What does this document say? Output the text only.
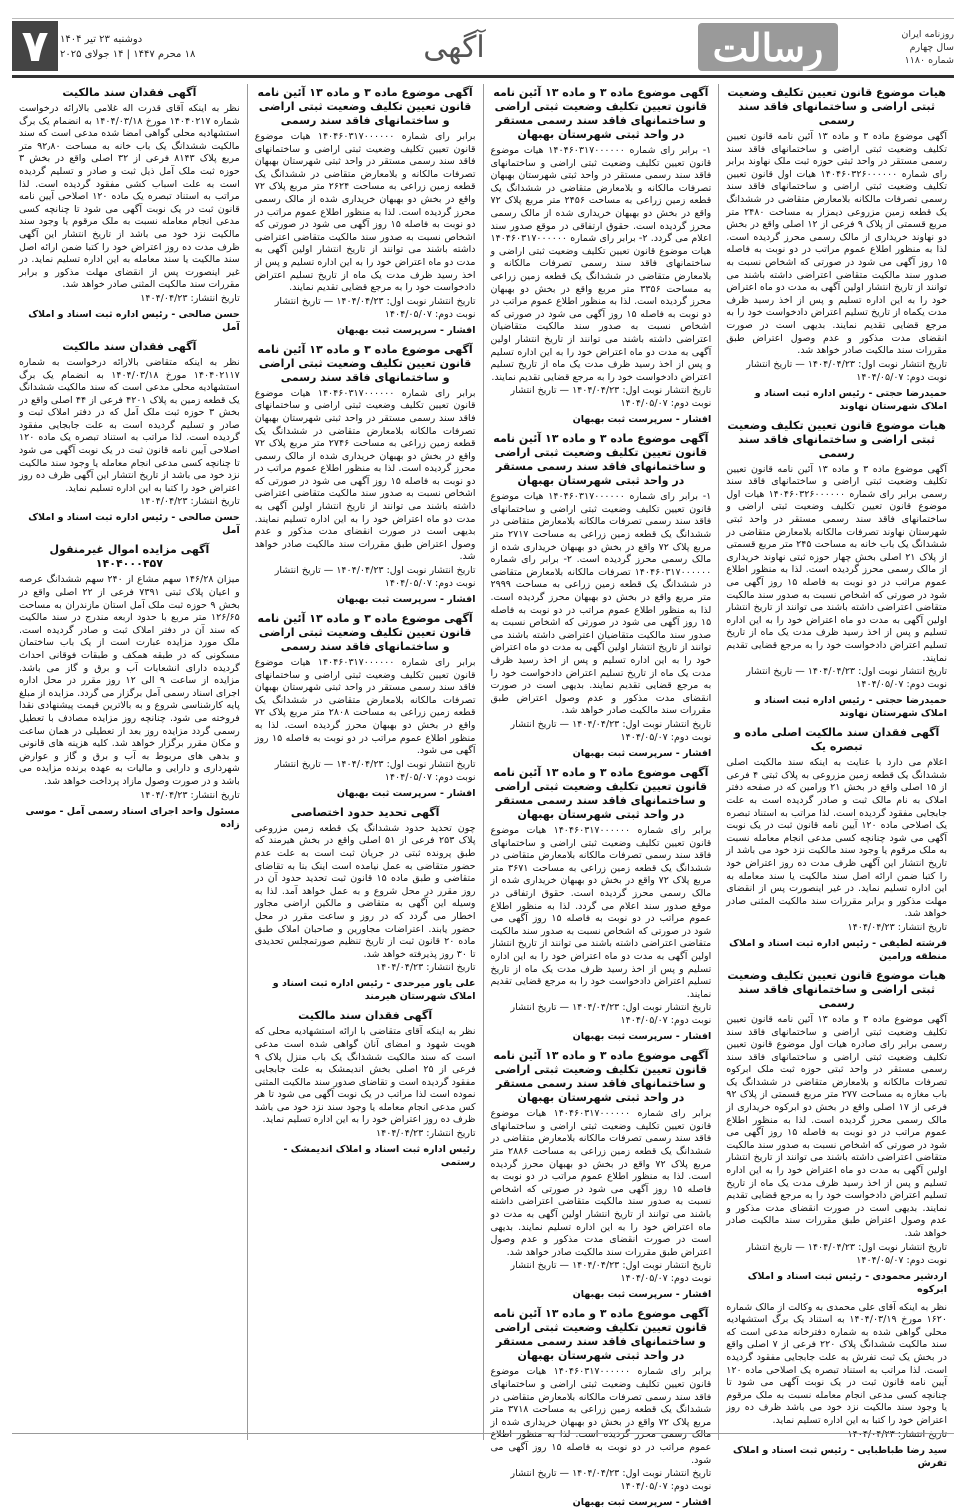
روزنامه ایران
سال چهارم
شماره ۱۱۸۰
رسالت
آگهی
دوشنبه ۲۳ تیر ۱۴۰۴
۱۸ محرم ۱۴۴۷ | ۱۴ جولای ۲۰۲۵
۷
هیات موضوع قانون تعیین تکلیف وضعیت ثبتی اراضی و ساختمانهای فاقد سند رسمی

آگهی موضوع ماده ۳ و ماده ۱۳ آئین نامه قانون تعیین تکلیف وضعیت ثبتی اراضی و ساختمانهای فاقد سند رسمی مستقر در واحد ثبتی حوزه ثبت ملک نهاوند برابر رای شماره ۱۴۰۴۶۰۳۲۶۰۰۰۰۰۰ هیات اول قانون تعیین تکلیف وضعیت ثبتی اراضی و ساختمانهای فاقد سند رسمی تصرفات مالکانه بلامعارض متقاضی در ششدانگ یک قطعه زمین مزروعی دیمزار به مساحت ۲۴۸۰ متر مربع قسمتی از پلاک ۹ فرعی از ۱۲ اصلی واقع در بخش دو نهاوند خریداری از مالک رسمی محرز گردیده است. لذا به منظور اطلاع عموم مراتب در دو نوبت به فاصله ۱۵ روز آگهی می شود در صورتی که اشخاص نسبت به صدور سند مالکیت متقاضی اعتراضی داشته باشند می توانند از تاریخ انتشار اولین آگهی به مدت دو ماه اعتراض خود را به این اداره تسلیم و پس از اخذ رسید ظرف مدت یکماه از تاریخ تسلیم اعتراض دادخواست خود را به مرجع قضایی تقدیم نمایند. بدیهی است در صورت انقضای مدت مذکور و عدم وصول اعتراض طبق مقررات سند مالکیت صادر خواهد شد.

تاریخ انتشار نوبت اول: ۱۴۰۴/۰۴/۲۳ — تاریخ انتشار نوبت دوم: ۱۴۰۴/۰۵/۰۷
حمیدرضا حجتی - رئیس اداره ثبت اسناد و املاک شهرستان نهاوند
هیات موضوع قانون تعیین تکلیف وضعیت ثبتی اراضی و ساختمانهای فاقد سند رسمی

آگهی موضوع ماده ۳ و ماده ۱۳ آئین نامه قانون تعیین تکلیف وضعیت ثبتی اراضی و ساختمانهای فاقد سند رسمی برابر رای شماره ۱۴۰۴۶۰۳۲۶۰۰۰۰۰۰ هیات اول موضوع قانون تعیین تکلیف وضعیت ثبتی اراضی و ساختمانهای فاقد سند رسمی مستقر در واحد ثبتی شهرستان نهاوند تصرفات مالکانه بلامعارض متقاضی در ششدانگ یک باب خانه به مساحت ۲۴۵ متر مربع قسمتی از پلاک ۲۱ اصلی بخش چهار حوزه ثبتی نهاوند خریداری از مالک رسمی محرز گردیده است. لذا به منظور اطلاع عموم مراتب در دو نوبت به فاصله ۱۵ روز آگهی می شود در صورتی که اشخاص نسبت به صدور سند مالکیت متقاضی اعتراضی داشته باشند می توانند از تاریخ انتشار اولین آگهی به مدت دو ماه اعتراض خود را به این اداره تسلیم و پس از اخذ رسید ظرف مدت یک ماه از تاریخ تسلیم اعتراض دادخواست خود را به مرجع قضایی تقدیم نمایند.

تاریخ انتشار نوبت اول: ۱۴۰۴/۰۴/۲۳ — تاریخ انتشار نوبت دوم: ۱۴۰۴/۰۵/۰۷
حمیدرضا حجتی - رئیس اداره ثبت اسناد و املاک شهرستان نهاوند
آگهی فقدان سند مالکیت اصلی ماده و تبصره یک

اعلام می دارد با عنایت به اینکه سند مالکیت اصلی ششدانگ یک قطعه زمین مزروعی به پلاک ثبتی ۴ فرعی از ۱۵ اصلی واقع در بخش ۲۱ ورامین که در صفحه دفتر املاک به نام مالک ثبت و صادر گردیده است به علت جابجایی مفقود گردیده است. لذا مراتب به استناد تبصره یک اصلاحی ماده ۱۲۰ آیین نامه قانون ثبت در یک نوبت آگهی می شود چنانچه کسی مدعی انجام معامله نسبت به ملک مرقوم یا وجود سند مالکیت نزد خود می باشد از تاریخ انتشار این آگهی ظرف مدت ده روز اعتراض خود را کتبا ضمن ارائه اصل سند مالکیت یا سند معامله به این اداره تسلیم نماید. در غیر اینصورت پس از انقضای مهلت مذکور و برابر مقررات سند مالکیت المثنی صادر خواهد شد.

تاریخ انتشار: ۱۴۰۴/۰۴/۲۳
فرشته لطیفی - رئیس اداره ثبت اسناد و املاک منطقه ورامین
هیات موضوع قانون تعیین تکلیف وضعیت ثبتی اراضی و ساختمانهای فاقد سند رسمی

آگهی موضوع ماده ۳ و ماده ۱۳ آئین نامه قانون تعیین تکلیف وضعیت ثبتی اراضی و ساختمانهای فاقد سند رسمی برابر رای صادره هیات اول موضوع قانون تعیین تکلیف وضعیت ثبتی اراضی و ساختمانهای فاقد سند رسمی مستقر در واحد ثبتی حوزه ثبت ملک ابرکوه تصرفات مالکانه و بلامعارض متقاضی در ششدانگ یک باب مغازه به مساحت ۲۷۷ متر مربع قسمتی از پلاک ۹۲ فرعی از ۱۷ اصلی واقع در بخش دو ابرکوه خریداری از مالک رسمی محرز گردیده است. لذا به منظور اطلاع عموم مراتب در دو نوبت به فاصله ۱۵ روز آگهی می شود در صورتی که اشخاص نسبت به صدور سند مالکیت متقاضی اعتراضی داشته باشند می توانند از تاریخ انتشار اولین آگهی به مدت دو ماه اعتراض خود را به این اداره تسلیم و پس از اخذ رسید ظرف مدت یک ماه از تاریخ تسلیم اعتراض دادخواست خود را به مرجع قضایی تقدیم نمایند. بدیهی است در صورت انقضای مدت مذکور و عدم وصول اعتراض طبق مقررات سند مالکیت صادر خواهد شد.

تاریخ انتشار نوبت اول: ۱۴۰۴/۰۴/۲۳ — تاریخ انتشار نوبت دوم: ۱۴۰۴/۰۵/۰۷
اردشیر محمودی - رئیس ثبت اسناد و املاک ابرکوه

نظر به اینکه آقای علی محمدی به وکالت از مالک شماره ۱۶۲۰ مورخ ۱۴۰۴/۰۳/۱۹ به استناد یک برگ استشهادیه محلی گواهی شده به شماره دفترخانه مدعی است که سند مالکیت ششدانگ پلاک ۲۲۰ فرعی از ۷ اصلی واقع در بخش یک ثبت تفرش به علت جابجایی مفقود گردیده است. لذا مراتب به استناد تبصره یک اصلاحی ماده ۱۲۰ آیین نامه قانون ثبت در یک نوبت آگهی می شود تا چنانچه کسی مدعی انجام معامله نسبت به ملک مرقوم یا وجود سند مالکیت نزد خود می باشد ظرف ده روز اعتراض خود را کتبا به این اداره تسلیم نماید.

تاریخ انتشار: ۱۴۰۴/۰۴/۲۳
سید رضا طباطبایی - رئیس ثبت اسناد و املاک تفرش
آگهی موضوع ماده ۳ و ماده ۱۳ آئین نامه قانون تعیین تکلیف وضعیت ثبتی اراضی و ساختمانهای فاقد سند رسمی مستقر در واحد ثبتی شهرستان بهبهان

۱- برابر رای شماره ۱۴۰۴۶۰۳۱۷۰۰۰۰۰۰ هیات موضوع قانون تعیین تکلیف وضعیت ثبتی اراضی و ساختمانهای فاقد سند رسمی مستقر در واحد ثبتی شهرستان بهبهان تصرفات مالکانه و بلامعارض متقاضی در ششدانگ یک قطعه زمین زراعی به مساحت ۲۴۵۶ متر مربع پلاک ۷۲ واقع در بخش دو بهبهان خریداری شده از مالک رسمی محرز گردیده است. حقوق ارتفاقی در موقع صدور سند اعلام می گردد. ۲- برابر رای شماره ۱۴۰۴۶۰۳۱۷۰۰۰۰۰۰ هیات موضوع قانون تعیین تکلیف وضعیت ثبتی اراضی و ساختمانهای فاقد سند رسمی تصرفات مالکانه و بلامعارض متقاضی در ششدانگ یک قطعه زمین زراعی به مساحت ۳۳۵۶ متر مربع واقع در بخش دو بهبهان محرز گردیده است. لذا به منظور اطلاع عموم مراتب در دو نوبت به فاصله ۱۵ روز آگهی می شود در صورتی که اشخاص نسبت به صدور سند مالکیت متقاضیان اعتراضی داشته باشند می توانند از تاریخ انتشار اولین آگهی به مدت دو ماه اعتراض خود را به این اداره تسلیم و پس از اخذ رسید ظرف مدت یک ماه از تاریخ تسلیم اعتراض دادخواست خود را به مرجع قضایی تقدیم نمایند.

تاریخ انتشار نوبت اول: ۱۴۰۴/۰۴/۲۳ — تاریخ انتشار نوبت دوم: ۱۴۰۴/۰۵/۰۷
افشار - سرپرست ثبت بهبهان
آگهی موضوع ماده ۳ و ماده ۱۳ آئین نامه قانون تعیین تکلیف وضعیت ثبتی اراضی و ساختمانهای فاقد سند رسمی مستقر در واحد ثبتی شهرستان بهبهان

۱- برابر رای شماره ۱۴۰۴۶۰۳۱۷۰۰۰۰۰۰ هیات موضوع قانون تعیین تکلیف وضعیت ثبتی اراضی و ساختمانهای فاقد سند رسمی تصرفات مالکانه بلامعارض متقاضی در ششدانگ یک قطعه زمین زراعی به مساحت ۲۷۱۷ متر مربع پلاک ۷۲ واقع در بخش دو بهبهان خریداری شده از مالک رسمی محرز گردیده است. ۲- برابر رای شماره ۱۴۰۴۶۰۳۱۷۰۰۰۰۰۰ تصرفات مالکانه بلامعارض متقاضی در ششدانگ یک قطعه زمین زراعی به مساحت ۲۹۹۹ متر مربع واقع در بخش دو بهبهان محرز گردیده است. لذا به منظور اطلاع عموم مراتب در دو نوبت به فاصله ۱۵ روز آگهی می شود در صورتی که اشخاص نسبت به صدور سند مالکیت متقاضیان اعتراضی داشته باشند می توانند از تاریخ انتشار اولین آگهی به مدت دو ماه اعتراض خود را به این اداره تسلیم و پس از اخذ رسید ظرف مدت یک ماه از تاریخ تسلیم اعتراض دادخواست خود را به مرجع قضایی تقدیم نمایند. بدیهی است در صورت انقضای مدت مذکور و عدم وصول اعتراض طبق مقررات سند مالکیت صادر خواهد شد.

تاریخ انتشار نوبت اول: ۱۴۰۴/۰۴/۲۳ — تاریخ انتشار نوبت دوم: ۱۴۰۴/۰۵/۰۷
افشار - سرپرست ثبت بهبهان
آگهی موضوع ماده ۳ و ماده ۱۳ آئین نامه قانون تعیین تکلیف وضعیت ثبتی اراضی و ساختمانهای فاقد سند رسمی مستقر در واحد ثبتی شهرستان بهبهان

برابر رای شماره ۱۴۰۴۶۰۳۱۷۰۰۰۰۰۰ هیات موضوع قانون تعیین تکلیف وضعیت ثبتی اراضی و ساختمانهای فاقد سند رسمی تصرفات مالکانه بلامعارض متقاضی در ششدانگ یک قطعه زمین زراعی به مساحت ۳۶۷۱ متر مربع پلاک ۷۲ واقع در بخش دو بهبهان خریداری شده از مالک رسمی محرز گردیده است. حقوق ارتفاقی در موقع صدور سند اعلام می گردد. لذا به منظور اطلاع عموم مراتب در دو نوبت به فاصله ۱۵ روز آگهی می شود در صورتی که اشخاص نسبت به صدور سند مالکیت متقاضی اعتراضی داشته باشند می توانند از تاریخ انتشار اولین آگهی به مدت دو ماه اعتراض خود را به این اداره تسلیم و پس از اخذ رسید ظرف مدت یک ماه از تاریخ تسلیم اعتراض دادخواست خود را به مرجع قضایی تقدیم نمایند.

تاریخ انتشار نوبت اول: ۱۴۰۴/۰۴/۲۳ — تاریخ انتشار نوبت دوم: ۱۴۰۴/۰۵/۰۷
افشار - سرپرست ثبت بهبهان
آگهی موضوع ماده ۳ و ماده ۱۳ آئین نامه قانون تعیین تکلیف وضعیت ثبتی اراضی و ساختمانهای فاقد سند رسمی مستقر در واحد ثبتی شهرستان بهبهان

برابر رای شماره ۱۴۰۴۶۰۳۱۷۰۰۰۰۰۰ هیات موضوع قانون تعیین تکلیف وضعیت ثبتی اراضی و ساختمانهای فاقد سند رسمی تصرفات مالکانه بلامعارض متقاضی در ششدانگ یک قطعه زمین زراعی به مساحت ۲۸۸۶ متر مربع پلاک ۷۲ واقع در بخش دو بهبهان محرز گردیده است. لذا به منظور اطلاع عموم مراتب در دو نوبت به فاصله ۱۵ روز آگهی می شود در صورتی که اشخاص نسبت به صدور سند مالکیت متقاضی اعتراضی داشته باشند می توانند از تاریخ انتشار اولین آگهی به مدت دو ماه اعتراض خود را به این اداره تسلیم نمایند. بدیهی است در صورت انقضای مدت مذکور و عدم وصول اعتراض طبق مقررات سند مالکیت صادر خواهد شد.

تاریخ انتشار نوبت اول: ۱۴۰۴/۰۴/۲۳ — تاریخ انتشار نوبت دوم: ۱۴۰۴/۰۵/۰۷
افشار - سرپرست ثبت بهبهان
آگهی موضوع ماده ۳ و ماده ۱۳ آئین نامه قانون تعیین تکلیف وضعیت ثبتی اراضی و ساختمانهای فاقد سند رسمی مستقر در واحد ثبتی شهرستان بهبهان

برابر رای شماره ۱۴۰۴۶۰۳۱۷۰۰۰۰۰۰ هیات موضوع قانون تعیین تکلیف وضعیت ثبتی اراضی و ساختمانهای فاقد سند رسمی تصرفات مالکانه بلامعارض متقاضی در ششدانگ یک قطعه زمین زراعی به مساحت ۳۷۱۸ متر مربع پلاک ۷۲ واقع در بخش دو بهبهان خریداری شده از مالک رسمی محرز گردیده است. لذا به منظور اطلاع عموم مراتب در دو نوبت به فاصله ۱۵ روز آگهی می شود.

تاریخ انتشار نوبت اول: ۱۴۰۴/۰۴/۲۳ — تاریخ انتشار نوبت دوم: ۱۴۰۴/۰۵/۰۷
افشار - سرپرست ثبت بهبهان
آگهی موضوع ماده ۳ و ماده ۱۳ آئین نامه قانون تعیین تکلیف وضعیت ثبتی اراضی و ساختمانهای فاقد سند رسمی

برابر رای شماره ۱۴۰۴۶۰۳۱۷۰۰۰۰۰۰ هیات موضوع قانون تعیین تکلیف وضعیت ثبتی اراضی و ساختمانهای فاقد سند رسمی مستقر در واحد ثبتی شهرستان بهبهان تصرفات مالکانه و بلامعارض متقاضی در ششدانگ یک قطعه زمین زراعی به مساحت ۲۶۲۴ متر مربع پلاک ۷۲ واقع در بخش دو بهبهان خریداری شده از مالک رسمی محرز گردیده است. لذا به منظور اطلاع عموم مراتب در دو نوبت به فاصله ۱۵ روز آگهی می شود در صورتی که اشخاص نسبت به صدور سند مالکیت متقاضی اعتراضی داشته باشند می توانند از تاریخ انتشار اولین آگهی به مدت دو ماه اعتراض خود را به این اداره تسلیم و پس از اخذ رسید ظرف مدت یک ماه از تاریخ تسلیم اعتراض دادخواست خود را به مرجع قضایی تقدیم نمایند.

تاریخ انتشار نوبت اول: ۱۴۰۴/۰۴/۲۳ — تاریخ انتشار نوبت دوم: ۱۴۰۴/۰۵/۰۷
افشار - سرپرست ثبت بهبهان
آگهی موضوع ماده ۳ و ماده ۱۳ آئین نامه قانون تعیین تکلیف وضعیت ثبتی اراضی و ساختمانهای فاقد سند رسمی

برابر رای شماره ۱۴۰۴۶۰۳۱۷۰۰۰۰۰۰ هیات موضوع قانون تعیین تکلیف وضعیت ثبتی اراضی و ساختمانهای فاقد سند رسمی مستقر در واحد ثبتی شهرستان بهبهان تصرفات مالکانه بلامعارض متقاضی در ششدانگ یک قطعه زمین زراعی به مساحت ۲۷۴۶ متر مربع پلاک ۷۲ واقع در بخش دو بهبهان خریداری شده از مالک رسمی محرز گردیده است. لذا به منظور اطلاع عموم مراتب در دو نوبت به فاصله ۱۵ روز آگهی می شود در صورتی که اشخاص نسبت به صدور سند مالکیت متقاضی اعتراضی داشته باشند می توانند از تاریخ انتشار اولین آگهی به مدت دو ماه اعتراض خود را به این اداره تسلیم نمایند. بدیهی است در صورت انقضای مدت مذکور و عدم وصول اعتراض طبق مقررات سند مالکیت صادر خواهد شد.

تاریخ انتشار نوبت اول: ۱۴۰۴/۰۴/۲۳ — تاریخ انتشار نوبت دوم: ۱۴۰۴/۰۵/۰۷
افشار - سرپرست ثبت بهبهان
آگهی موضوع ماده ۳ و ماده ۱۳ آئین نامه قانون تعیین تکلیف وضعیت ثبتی اراضی و ساختمانهای فاقد سند رسمی

برابر رای شماره ۱۴۰۴۶۰۳۱۷۰۰۰۰۰۰ هیات موضوع قانون تعیین تکلیف وضعیت ثبتی اراضی و ساختمانهای فاقد سند رسمی مستقر در واحد ثبتی شهرستان بهبهان تصرفات مالکانه بلامعارض متقاضی در ششدانگ یک قطعه زمین زراعی به مساحت ۲۸۰۸ متر مربع پلاک ۷۲ واقع در بخش دو بهبهان محرز گردیده است. لذا به منظور اطلاع عموم مراتب در دو نوبت به فاصله ۱۵ روز آگهی می شود.

تاریخ انتشار نوبت اول: ۱۴۰۴/۰۴/۲۳ — تاریخ انتشار نوبت دوم: ۱۴۰۴/۰۵/۰۷
افشار - سرپرست ثبت بهبهان
آگهی تحدید حدود اختصاصی

چون تحدید حدود ششدانگ یک قطعه زمین مزروعی پلاک ۲۵۳ فرعی از ۵۱ اصلی واقع در بخش هیرمند که طبق پرونده ثبتی در جریان ثبت است به علت عدم حضور متقاضی به عمل نیامده است اینک بنا به تقاضای متقاضی و طبق ماده ۱۵ قانون ثبت تحدید حدود آن در روز مقرر در محل شروع و به عمل خواهد آمد. لذا به وسیله این آگهی به متقاضی و مالکین اراضی مجاور اخطار می گردد که در روز و ساعت مقرر در محل حضور یابند. اعتراضات مجاورین و صاحبان املاک طبق ماده ۲۰ قانون ثبت از تاریخ تنظیم صورتمجلس تحدیدی تا ۳۰ روز پذیرفته خواهد شد.

تاریخ انتشار: ۱۴۰۴/۰۴/۲۳
علی یاور میرحدی - رئیس اداره ثبت اسناد و املاک شهرستان هیرمند
آگهی فقدان سند مالکیت

نظر به اینکه آقای متقاضی با ارائه استشهادیه محلی که هویت شهود و امضای آنان گواهی شده است مدعی است که سند مالکیت ششدانگ یک باب منزل پلاک ۹ فرعی از ۲۵ اصلی بخش اندیمشک به علت جابجایی مفقود گردیده است و تقاضای صدور سند مالکیت المثنی نموده است لذا مراتب در یک نوبت آگهی می شود تا هر کس مدعی انجام معامله یا وجود سند نزد خود می باشد ظرف ده روز اعتراض خود را به این اداره تسلیم نماید.

تاریخ انتشار: ۱۴۰۴/۰۴/۲۳
رئیس اداره ثبت اسناد و املاک اندیمشک - رستمی
آگهی فقدان سند مالکیت

نظر به اینکه آقای قدرت اله غلامی بالارائه درخواست شماره ۱۴۰۴۰۲۱۷ مورخ ۱۴۰۴/۰۳/۱۸ به انضمام یک برگ استشهادیه محلی گواهی امضا شده مدعی است که سند مالکیت ششدانگ یک باب خانه به مساحت ۹۲٫۸۰ متر مربع پلاک ۸۱۴۳ فرعی از ۳۲ اصلی واقع در بخش ۳ حوزه ثبت ملک آمل ذیل ثبت و صادر و تسلیم گردیده است به علت اسباب کشی مفقود گردیده است. لذا مراتب به استناد تبصره یک ماده ۱۲۰ اصلاحی آیین نامه قانون ثبت در یک نوبت آگهی می شود تا چنانچه کسی مدعی انجام معامله نسبت به ملک مرقوم یا وجود سند مالکیت نزد خود می باشد از تاریخ انتشار این آگهی ظرف مدت ده روز اعتراض خود را کتبا ضمن ارائه اصل سند مالکیت یا سند معامله به این اداره تسلیم نماید. در غیر اینصورت پس از انقضای مهلت مذکور و برابر مقررات سند مالکیت المثنی صادر خواهد شد.

تاریخ انتشار: ۱۴۰۴/۰۴/۲۳
حسن صالحی - رئیس اداره ثبت اسناد و املاک آمل
آگهی فقدان سند مالکیت

نظر به اینکه متقاضی بالارائه درخواست به شماره ۱۴۰۴۰۲۱۱۷ مورخ ۱۴۰۴/۰۳/۱۸ به انضمام یک برگ استشهادیه محلی مدعی است که سند مالکیت ششدانگ یک قطعه زمین به پلاک ۴۲۰۱ فرعی از ۴۴ اصلی واقع در بخش ۳ حوزه ثبت ملک آمل که در دفتر املاک ثبت و صادر و تسلیم گردیده است به علت جابجایی مفقود گردیده است. لذا مراتب به استناد تبصره یک ماده ۱۲۰ اصلاحی آیین نامه قانون ثبت در یک نوبت آگهی می شود تا چنانچه کسی مدعی انجام معامله یا وجود سند مالکیت نزد خود می باشد از تاریخ انتشار این آگهی ظرف ده روز اعتراض خود را کتبا به این اداره تسلیم نماید.

تاریخ انتشار: ۱۴۰۴/۰۴/۲۳
حسن صالحی - رئیس اداره ثبت اسناد و املاک آمل
آگهی مزایده اموال غیرمنقول ۱۴۰۴۰۰۰۴۵۷

میزان ۱۴۶/۲۸ سهم مشاع از ۲۴۰ سهم ششدانگ عرصه و اعیان پلاک ثبتی ۷۳۹۱ فرعی از ۲۲ اصلی واقع در بخش ۹ حوزه ثبت ملک آمل استان مازندران به مساحت ۱۲۶/۶۵ متر مربع با حدود اربعه مندرج در سند مالکیت که سند آن در دفتر املاک ثبت و صادر گردیده است. ملک مورد مزایده عبارت است از یک باب ساختمان مسکونی که در طبقه همکف و طبقات فوقانی احداث گردیده دارای انشعابات آب و برق و گاز می باشد. مزایده از ساعت ۹ الی ۱۲ روز مقرر در محل اداره اجرای اسناد رسمی آمل برگزار می گردد. مزایده از مبلغ پایه کارشناسی شروع و به بالاترین قیمت پیشنهادی نقدا فروخته می شود. چنانچه روز مزایده مصادف با تعطیل رسمی گردد مزایده روز بعد از تعطیلی در همان ساعت و مکان مقرر برگزار خواهد شد. کلیه هزینه های قانونی و بدهی های مربوط به آب و برق و گاز و عوارض شهرداری و دارایی و مالیات به عهده برنده مزایده می باشد و در صورت وصول مازاد پرداخت خواهد شد.

تاریخ انتشار: ۱۴۰۴/۰۴/۲۳
مسئول واحد اجرای اسناد رسمی آمل - موسی زاده
